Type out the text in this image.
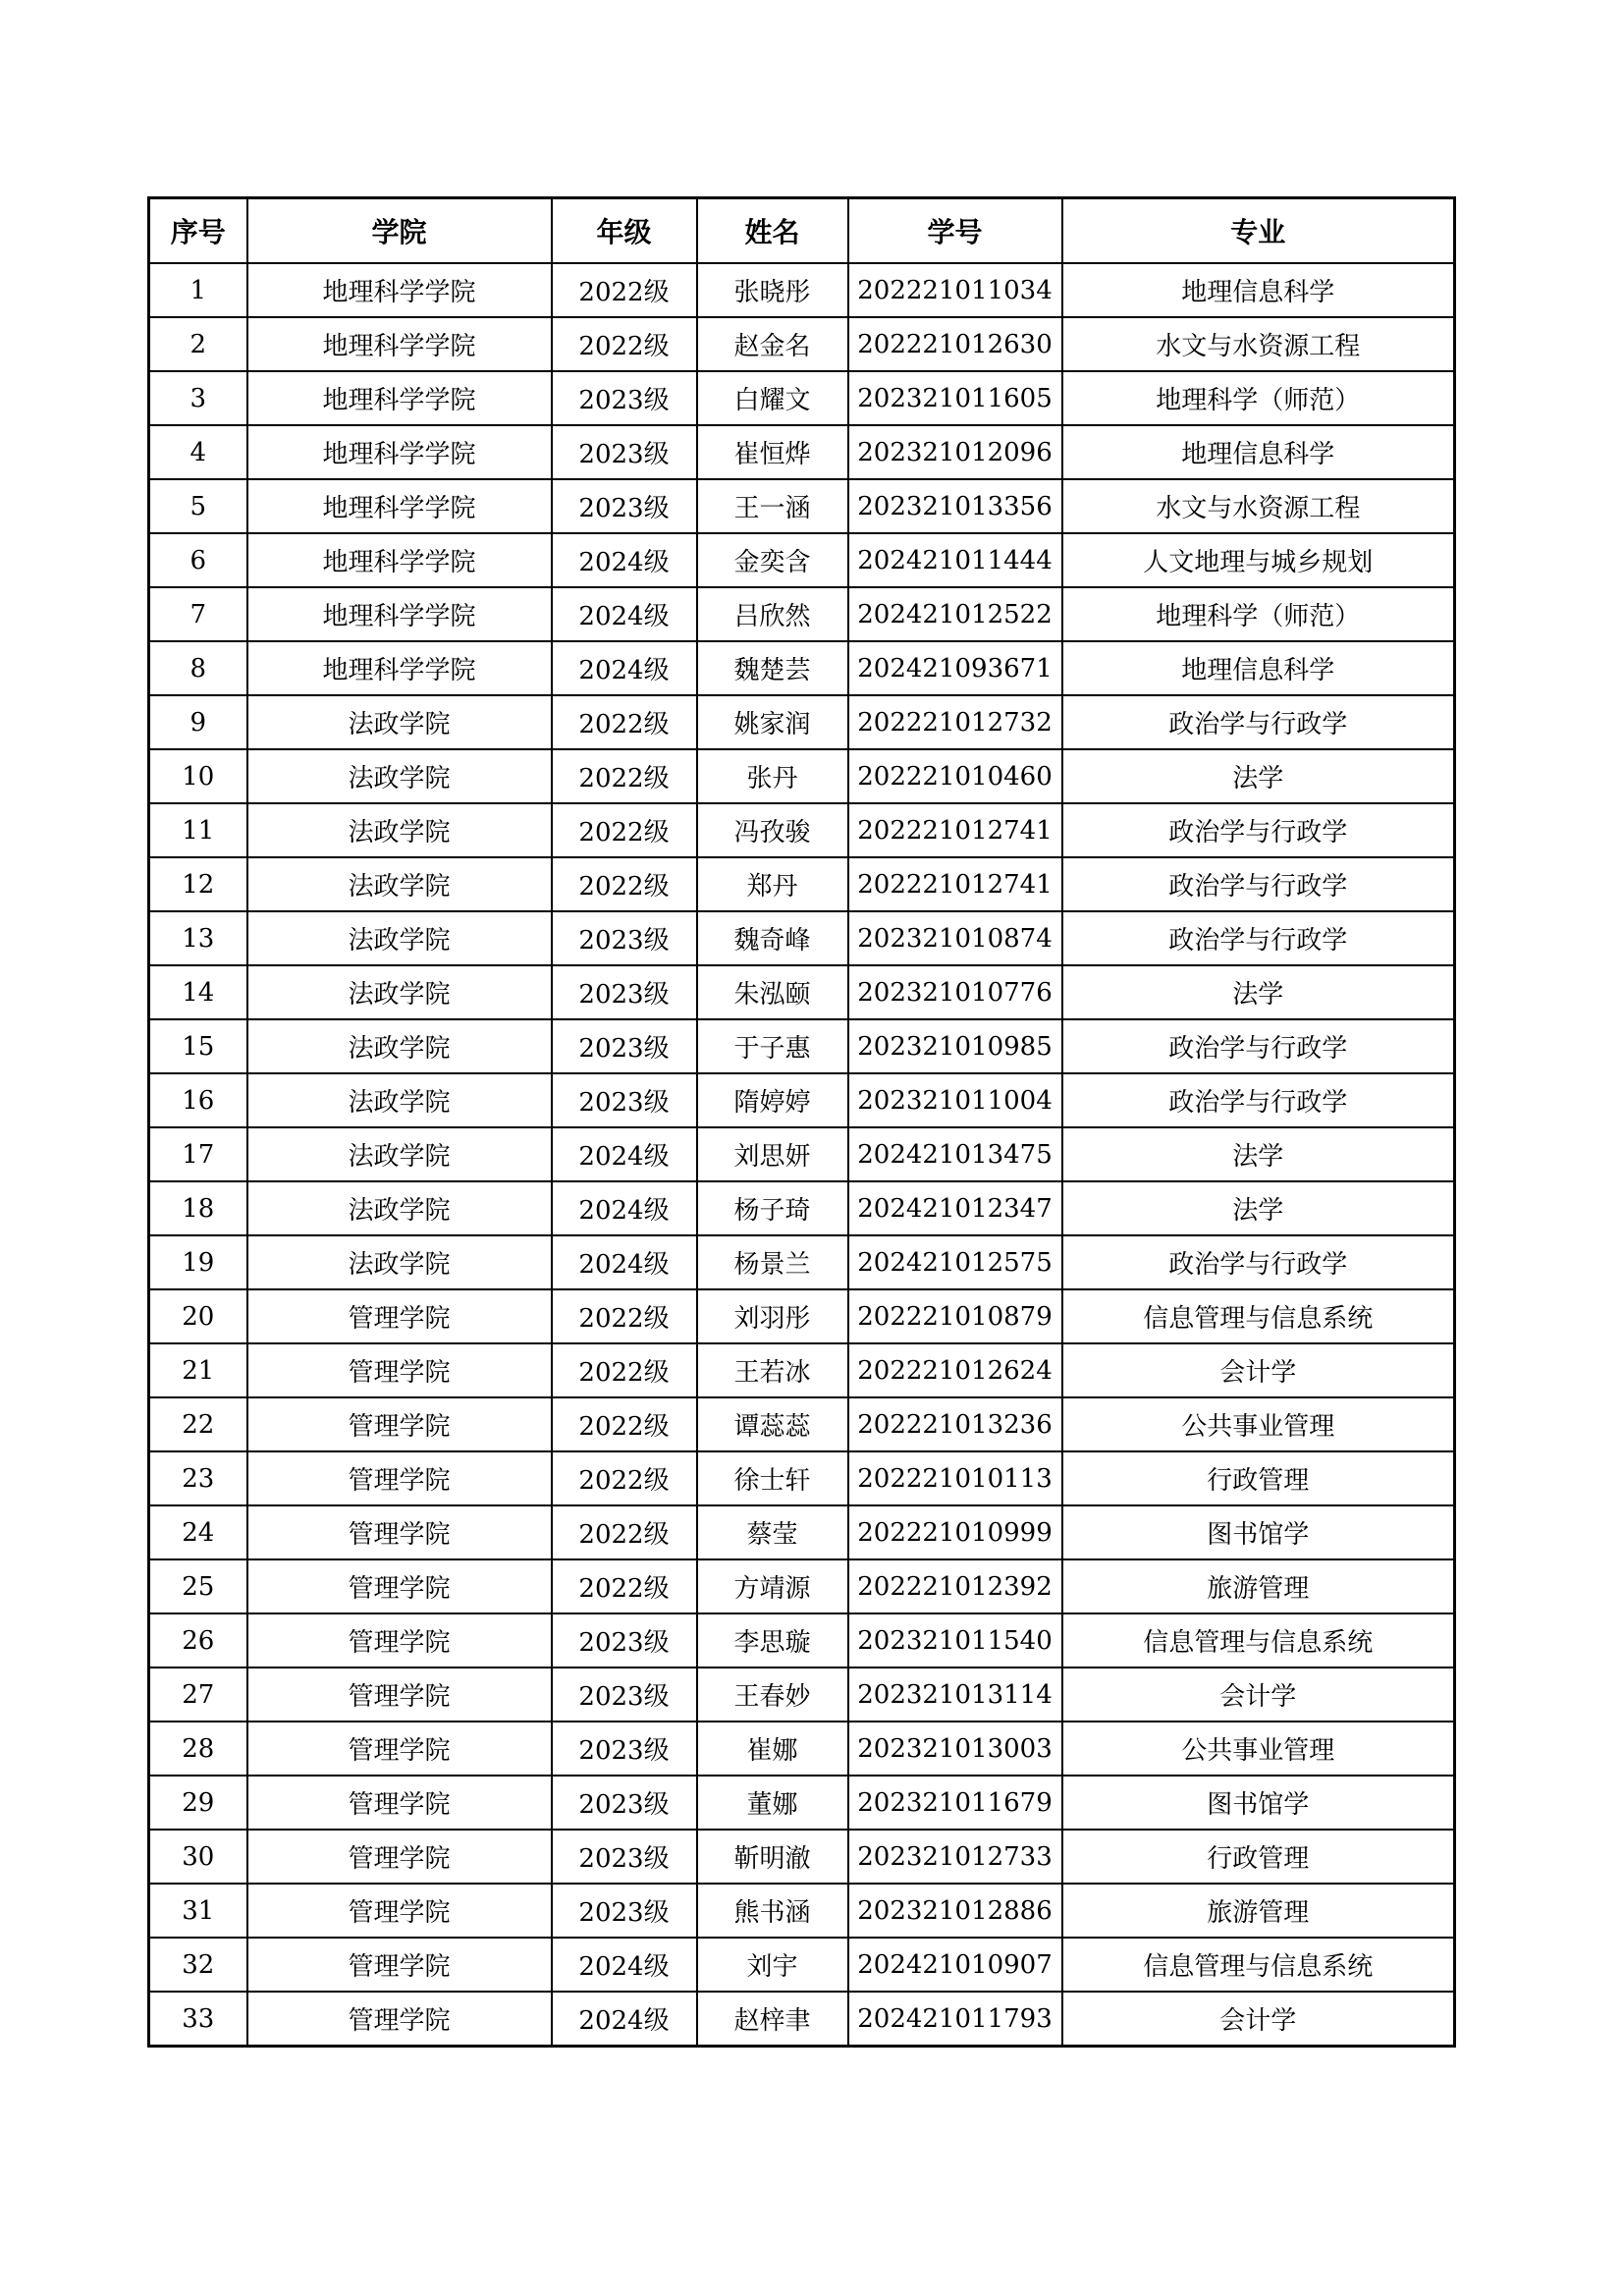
序号	学院	年级	姓名	学号	专业
1	地理科学学院	2022级	张晓彤	202221011034	地理信息科学
2	地理科学学院	2022级	赵金名	202221012630	水文与水资源工程
3	地理科学学院	2023级	白耀文	202321011605	地理科学（师范）
4	地理科学学院	2023级	崔恒烨	202321012096	地理信息科学
5	地理科学学院	2023级	王一涵	202321013356	水文与水资源工程
6	地理科学学院	2024级	金奕含	202421011444	人文地理与城乡规划
7	地理科学学院	2024级	吕欣然	202421012522	地理科学（师范）
8	地理科学学院	2024级	魏楚芸	202421093671	地理信息科学
9	法政学院	2022级	姚家润	202221012732	政治学与行政学
10	法政学院	2022级	张丹	202221010460	法学
11	法政学院	2022级	冯孜骏	202221012741	政治学与行政学
12	法政学院	2022级	郑丹	202221012741	政治学与行政学
13	法政学院	2023级	魏奇峰	202321010874	政治学与行政学
14	法政学院	2023级	朱泓颐	202321010776	法学
15	法政学院	2023级	于子惠	202321010985	政治学与行政学
16	法政学院	2023级	隋婷婷	202321011004	政治学与行政学
17	法政学院	2024级	刘思妍	202421013475	法学
18	法政学院	2024级	杨子琦	202421012347	法学
19	法政学院	2024级	杨景兰	202421012575	政治学与行政学
20	管理学院	2022级	刘羽彤	202221010879	信息管理与信息系统
21	管理学院	2022级	王若冰	202221012624	会计学
22	管理学院	2022级	谭蕊蕊	202221013236	公共事业管理
23	管理学院	2022级	徐士轩	202221010113	行政管理
24	管理学院	2022级	蔡莹	202221010999	图书馆学
25	管理学院	2022级	方靖源	202221012392	旅游管理
26	管理学院	2023级	李思璇	202321011540	信息管理与信息系统
27	管理学院	2023级	王春妙	202321013114	会计学
28	管理学院	2023级	崔娜	202321013003	公共事业管理
29	管理学院	2023级	董娜	202321011679	图书馆学
30	管理学院	2023级	靳明澈	202321012733	行政管理
31	管理学院	2023级	熊书涵	202321012886	旅游管理
32	管理学院	2024级	刘宇	202421010907	信息管理与信息系统
33	管理学院	2024级	赵梓聿	202421011793	会计学
